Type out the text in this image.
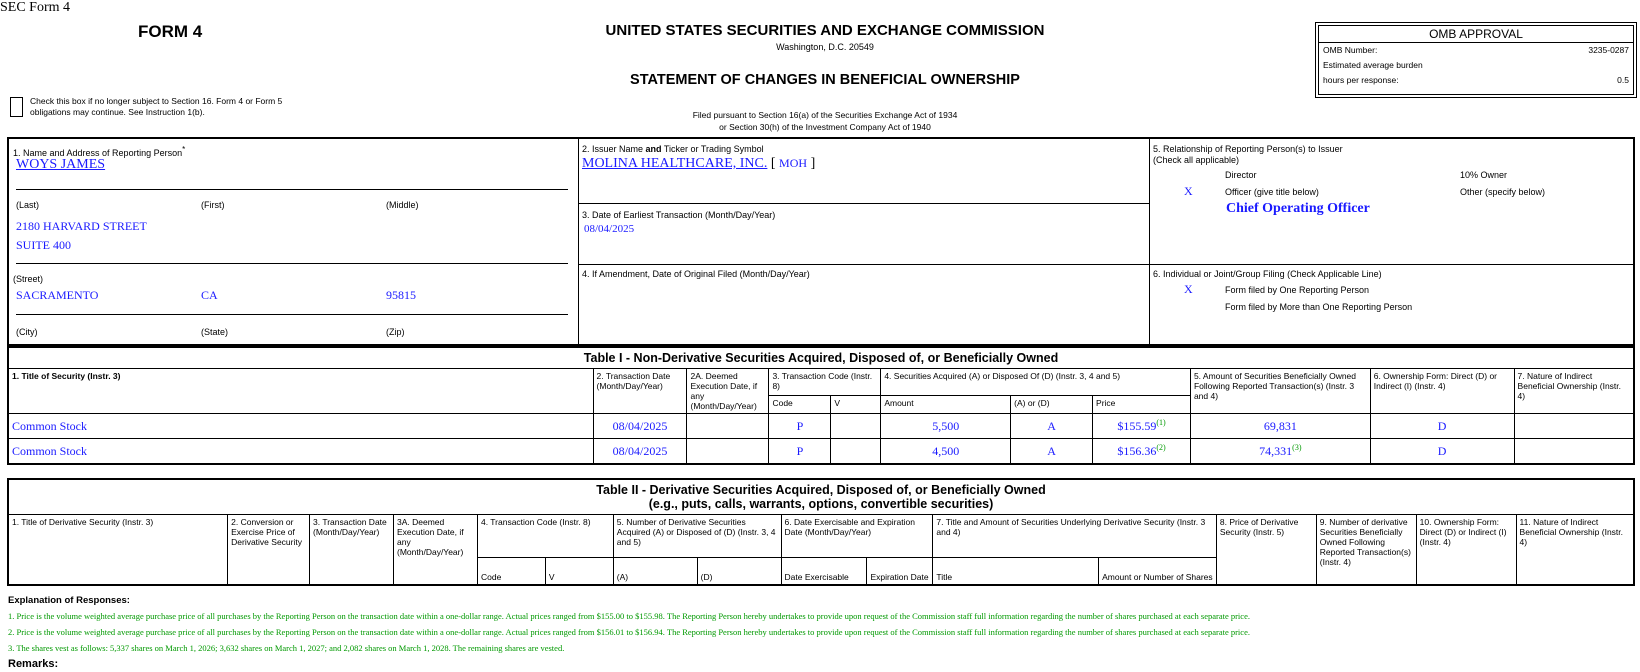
SEC Form 4
FORM 4	UNITED STATES SECURITIES AND EXCHANGE COMMISSION
Washington, D.C. 20549
STATEMENT OF CHANGES IN BENEFICIAL OWNERSHIP
Filed pursuant to Section 16(a) of the Securities Exchange Act of 1934
or Section 30(h) of the Investment Company Act of 1940
Check this box if no longer subject to Section 16. Form 4 or Form 5
obligations may continue. See Instruction 1(b).
OMB APPROVAL
OMB Number:	3235-0287
Estimated average burden
hours per response:	0.5
1. Name and Address of Reporting Person*
WOYS JAMES
(Last)	(First)	(Middle)
2180 HARVARD STREET
SUITE 400
(Street)
SACRAMENTO	CA	95815
(City)	(State)	(Zip)
2. Issuer Name and Ticker or Trading Symbol
MOLINA HEALTHCARE, INC. [ MOH ]
3. Date of Earliest Transaction (Month/Day/Year)
08/04/2025
4. If Amendment, Date of Original Filed (Month/Day/Year)
5. Relationship of Reporting Person(s) to Issuer
(Check all applicable)
Director	10% Owner
X	Officer (give title below)	Other (specify below)
Chief Operating Officer
6. Individual or Joint/Group Filing (Check Applicable Line)
X	Form filed by One Reporting Person
Form filed by More than One Reporting Person
Table I - Non-Derivative Securities Acquired, Disposed of, or Beneficially Owned										
1. Title of Security (Instr. 3)	2. Transaction Date (Month/Day/Year)	2A. Deemed Execution Date, if any (Month/Day/Year)	3. Transaction Code (Instr. 8)		4. Securities Acquired (A) or Disposed Of (D) (Instr. 3, 4 and 5)			5. Amount of Securities Beneficially Owned Following Reported Transaction(s) (Instr. 3 and 4)	6. Ownership Form: Direct (D) or Indirect (I) (Instr. 4)	7. Nature of Indirect Beneficial Ownership (Instr. 4)
			Code	V	Amount	(A) or (D)	Price			
Common Stock	08/04/2025		P		5,500	A	$155.59$^{(1)}$	69,831	D	
Common Stock	08/04/2025		P		4,500	A	$156.36$^{(2)}$	74,331$^{(3)}$	D	
Table II - Derivative Securities Acquired, Disposed of, or Beneficially Owned
(e.g., puts, calls, warrants, options, convertible securities)															

1. Title of Derivative Security (Instr. 3)	2. Conversion or Exercise Price of Derivative Security	3. Transaction Date (Month/Day/Year)	3A. Deemed Execution Date, if any (Month/Day/Year)	4. Transaction Code (Instr. 8)		5. Number of Derivative Securities Acquired (A) or Disposed of (D) (Instr. 3, 4 and 5)		6. Date Exercisable and Expiration Date (Month/Day/Year)		7. Title and Amount of Securities Underlying Derivative Security (Instr. 3 and 4)		8. Price of Derivative Security (Instr. 5)	9. Number of derivative Securities Beneficially Owned Following Reported Transaction(s) (Instr. 4)	10. Ownership Form: Direct (D) or Indirect (I) (Instr. 4)	11. Nature of Indirect Beneficial Ownership (Instr. 4)
				Code	V	(A)	(D)	Date Exercisable	Expiration Date	Title	Amount or Number of Shares				
Explanation of Responses:
1. Price is the volume weighted average purchase price of all purchases by the Reporting Person on the transaction date within a one-dollar range. Actual prices ranged from $155.00 to $155.98. The Reporting Person hereby undertakes to provide upon request of the Commission staff full information regarding the number of shares purchased at each separate price.
2. Price is the volume weighted average purchase price of all purchases by the Reporting Person on the transaction date within a one-dollar range. Actual prices ranged from $156.01 to $156.94. The Reporting Person hereby undertakes to provide upon request of the Commission staff full information regarding the number of shares purchased at each separate price.
3. The shares vest as follows: 5,337 shares on March 1, 2026; 3,632 shares on March 1, 2027; and 2,082 shares on March 1, 2028. The remaining shares are vested.
Remarks:
